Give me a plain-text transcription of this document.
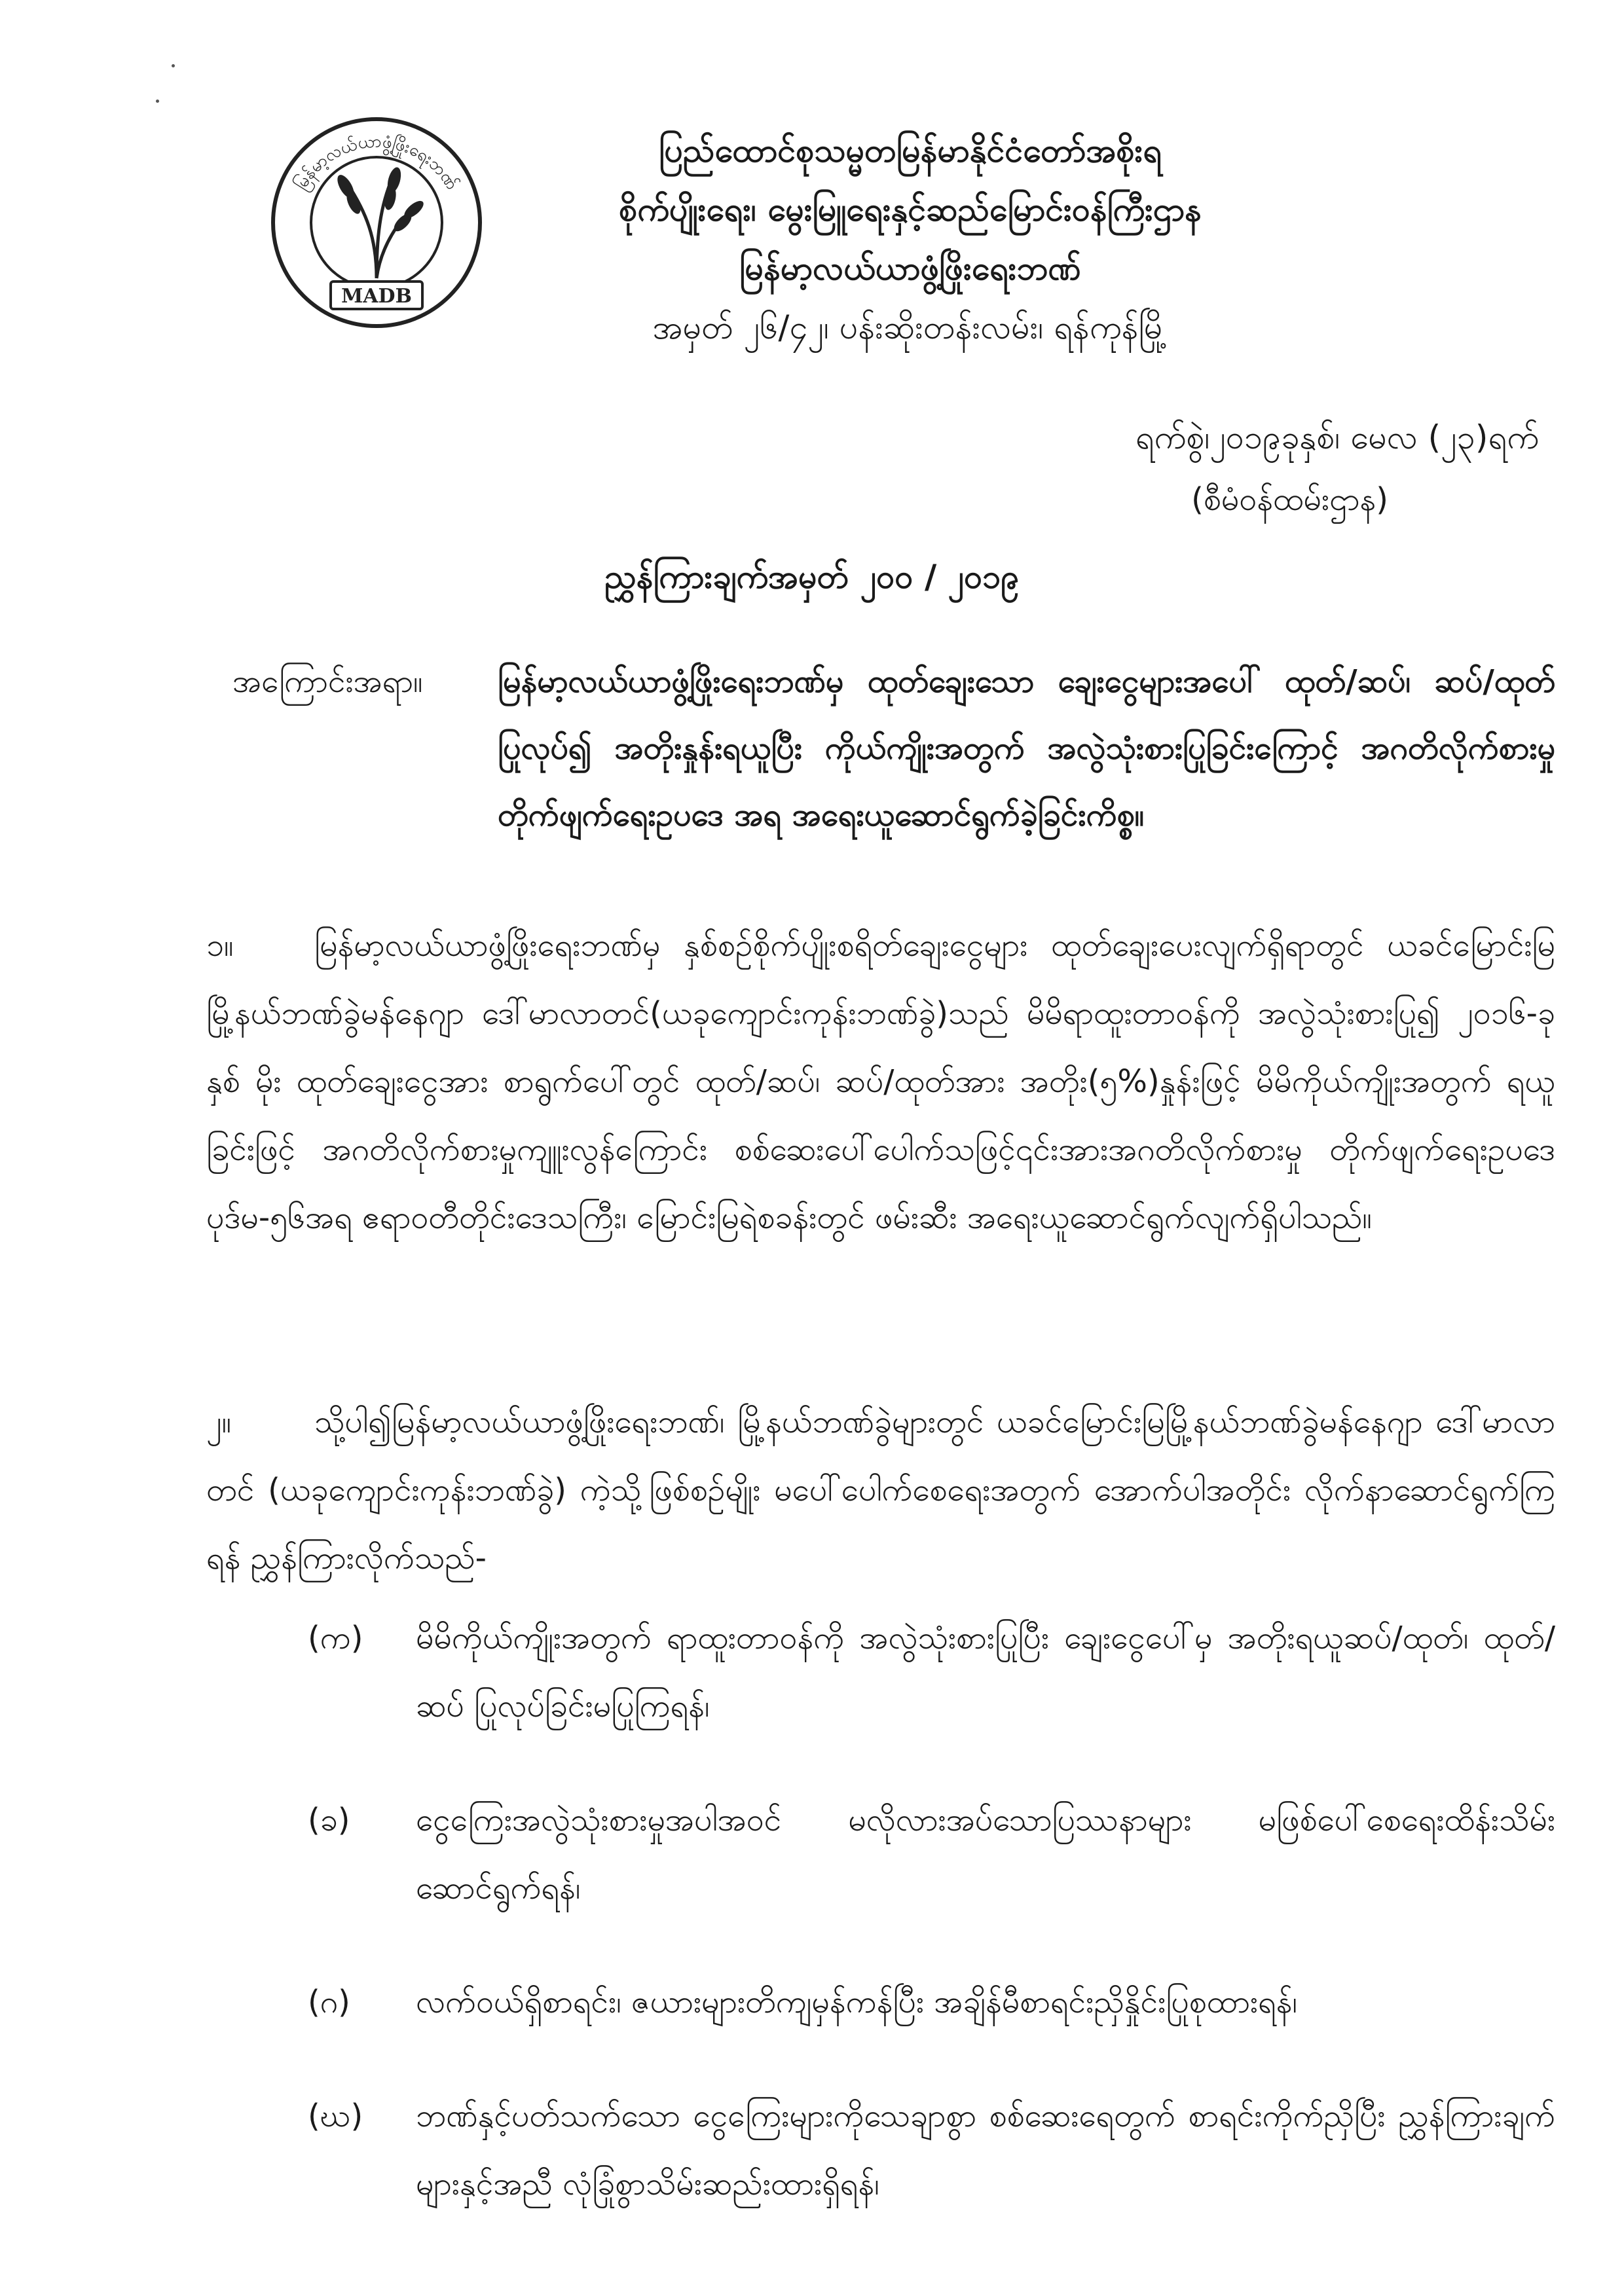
မြန်မာ့လယ်ယာဖွံ့ဖြိုးရေးဘဏ်
MADB
ပြည်ထောင်စုသမ္မတမြန်မာနိုင်ငံတော်အစိုးရ
စိုက်ပျိုးရေး၊ မွေးမြူရေးနှင့်ဆည်မြောင်းဝန်ကြီးဌာန
မြန်မာ့လယ်ယာဖွံ့ဖြိုးရေးဘဏ်
အမှတ် ၂၆/၄၂၊ ပန်းဆိုးတန်းလမ်း၊ ရန်ကုန်မြို့
ရက်စွဲ၊၂၀၁၉ခုနှစ်၊ မေလ (၂၃)ရက်
(စီမံဝန်ထမ်းဌာန)
ညွှန်ကြားချက်အမှတ် ၂၀၀ / ၂၀၁၉
အကြောင်းအရာ။ မြန်မာ့လယ်ယာဖွံ့ဖြိုးရေးဘဏ်မှ ထုတ်ချေးသော ချေးငွေများအပေါ် ထုတ်/ဆပ်၊ ဆပ်/ထုတ်ပြုလုပ်၍ အတိုးနှုန်းရယူပြီး ကိုယ်ကျိုးအတွက် အလွဲသုံးစားပြုခြင်းကြောင့် အဂတိလိုက်စားမှုတိုက်ဖျက်ရေးဥပဒေ အရ အရေးယူဆောင်ရွက်ခဲ့ခြင်းကိစ္စ။
၁။	မြန်မာ့လယ်ယာဖွံ့ဖြိုးရေးဘဏ်မှ နှစ်စဉ်စိုက်ပျိုးစရိတ်ချေးငွေများ ထုတ်ချေးပေးလျက်ရှိရာတွင် ယခင်မြောင်းမြမြို့နယ်ဘဏ်ခွဲမန်နေဂျာ ဒေါ်မာလာတင်(ယခုကျောင်းကုန်းဘဏ်ခွဲ)သည် မိမိရာထူးတာဝန်ကို အလွဲသုံးစားပြု၍ ၂၀၁၆-ခုနှစ် မိုး ထုတ်ချေးငွေအား စာရွက်ပေါ်တွင် ထုတ်/ဆပ်၊ ဆပ်/ထုတ်အား အတိုး(၅%)နှုန်းဖြင့် မိမိကိုယ်ကျိုးအတွက် ရယူခြင်းဖြင့် အဂတိလိုက်စားမှုကျူးလွန်ကြောင်း စစ်ဆေးပေါ်ပေါက်သဖြင့်၎င်းအားအဂတိလိုက်စားမှု တိုက်ဖျက်ရေးဥပဒေပုဒ်မ-၅၆အရ ဧရာဝတီတိုင်းဒေသကြီး၊ မြောင်းမြရဲစခန်းတွင် ဖမ်းဆီး အရေးယူဆောင်ရွက်လျက်ရှိပါသည်။
၂။	သို့ပါ၍မြန်မာ့လယ်ယာဖွံ့ဖြိုးရေးဘဏ်၊ မြို့နယ်ဘဏ်ခွဲများတွင် ယခင်မြောင်းမြမြို့နယ်ဘဏ်ခွဲမန်နေဂျာ ဒေါ်မာလာတင် (ယခုကျောင်းကုန်းဘဏ်ခွဲ) ကဲ့သို့ဖြစ်စဉ်မျိုး မပေါ်ပေါက်စေရေးအတွက် အောက်ပါအတိုင်း လိုက်နာဆောင်ရွက်ကြရန် ညွှန်ကြားလိုက်သည်-
(က)	မိမိကိုယ်ကျိုးအတွက် ရာထူးတာဝန်ကို အလွဲသုံးစားပြုပြီး ချေးငွေပေါ်မှ အတိုးရယူဆပ်/ထုတ်၊ ထုတ်/ဆပ် ပြုလုပ်ခြင်းမပြုကြရန်၊
(ခ)	ငွေကြေးအလွဲသုံးစားမှုအပါအဝင် မလိုလားအပ်သောပြဿနာများ မဖြစ်ပေါ်စေရေးထိန်းသိမ်းဆောင်ရွက်ရန်၊
(ဂ)	လက်ဝယ်ရှိစာရင်း၊ ဇယားများတိကျမှန်ကန်ပြီး အချိန်မီစာရင်းညှိနှိုင်းပြုစုထားရန်၊
(ဃ)	ဘဏ်နှင့်ပတ်သက်သော ငွေကြေးများကိုသေချာစွာ စစ်ဆေးရေတွက် စာရင်းကိုက်ညှိပြီး ညွှန်ကြားချက်များနှင့်အညီ လုံခြုံစွာသိမ်းဆည်းထားရှိရန်၊
